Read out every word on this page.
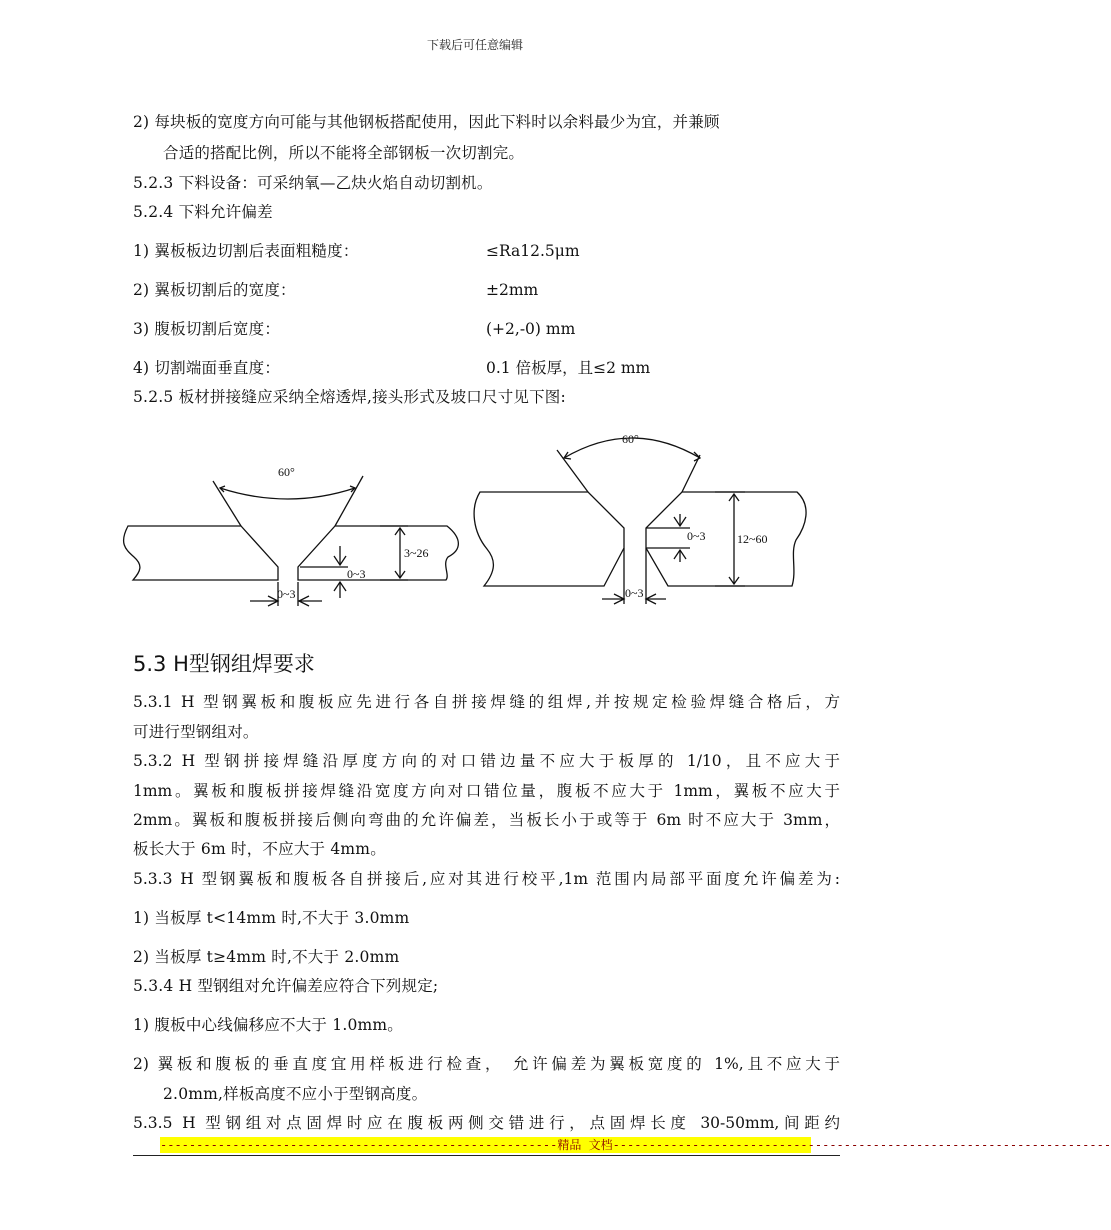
下载后可任意编辑
2) 每块板的宽度方向可能与其他钢板搭配使用，因此下料时以余料最少为宜，并兼顾
合适的搭配比例，所以不能将全部钢板一次切割完。
5.2.3 下料设备：可采纳氧—乙炔火焰自动切割机。
5.2.4 下料允许偏差
1) 翼板板边切割后表面粗糙度：	≤Ra12.5μm
2) 翼板切割后的宽度：	±2mm
3) 腹板切割后宽度：	(+2,-0) mm
4) 切割端面垂直度：	0.1 倍板厚，且≤2 mm
5.2.5 板材拼接缝应采纳全熔透焊,接头形式及坡口尺寸见下图:
60°
3~26
0~3
0~3
60°
12~60
0~3
0~3
5.3 H型钢组焊要求
5.3.1 H 型钢翼板和腹板应先进行各自拼接焊缝的组焊,并按规定检验焊缝合格后，方
可进行型钢组对。
5.3.2 H 型钢拼接焊缝沿厚度方向的对口错边量不应大于板厚的 1/10，且不应大于
1mm。翼板和腹板拼接焊缝沿宽度方向对口错位量，腹板不应大于 1mm，翼板不应大于
2mm。翼板和腹板拼接后侧向弯曲的允许偏差，当板长小于或等于 6m 时不应大于 3mm，
板长大于 6m 时，不应大于 4mm。
5.3.3 H 型钢翼板和腹板各自拼接后,应对其进行校平,1m 范围内局部平面度允许偏差为:
1) 当板厚 t<14mm 时,不大于 3.0mm
2) 当板厚 t≥4mm 时,不大于 2.0mm
5.3.4 H 型钢组对允许偏差应符合下列规定;
1) 腹板中心线偏移应不大于 1.0mm。
2) 翼板和腹板的垂直度宜用样板进行检查， 允许偏差为翼板宽度的 1%,且不应大于
2.0mm,样板高度不应小于型钢高度。
5.3.5 H 型钢组对点固焊时应在腹板两侧交错进行，点固焊长度 30-50mm,间距约
-------------------------------------------------------精品 文档---------------------------------------------------------------------
